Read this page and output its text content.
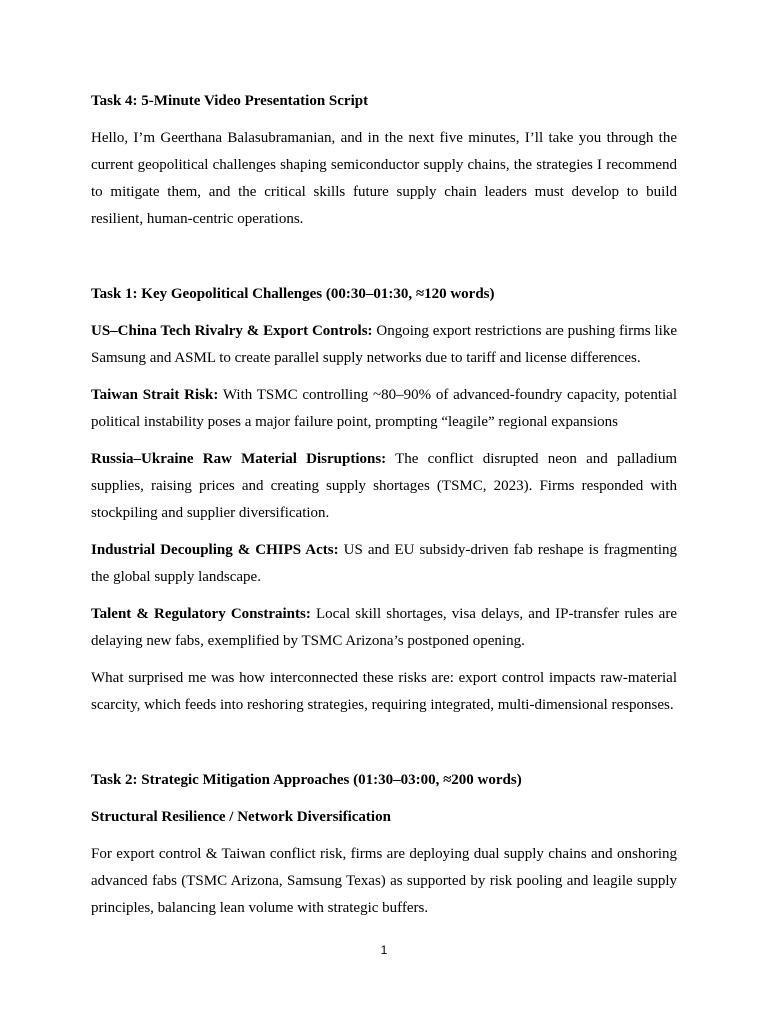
Task 4: 5-Minute Video Presentation Script

Hello, I’m Geerthana Balasubramanian, and in the next five minutes, I’ll take you through the current geopolitical challenges shaping semiconductor supply chains, the strategies I recommend to mitigate them, and the critical skills future supply chain leaders must develop to build resilient, human-centric operations.

Task 1: Key Geopolitical Challenges (00:30–01:30, ≈120 words)

US–China Tech Rivalry & Export Controls: Ongoing export restrictions are pushing firms like Samsung and ASML to create parallel supply networks due to tariff and license differences.

Taiwan Strait Risk: With TSMC controlling ~80–90% of advanced-foundry capacity, potential political instability poses a major failure point, prompting “leagile” regional expansions

Russia–Ukraine Raw Material Disruptions: The conflict disrupted neon and palladium supplies, raising prices and creating supply shortages (TSMC, 2023). Firms responded with stockpiling and supplier diversification.

Industrial Decoupling & CHIPS Acts: US and EU subsidy-driven fab reshape is fragmenting the global supply landscape.

Talent & Regulatory Constraints: Local skill shortages, visa delays, and IP-transfer rules are delaying new fabs, exemplified by TSMC Arizona’s postponed opening.

What surprised me was how interconnected these risks are: export control impacts raw-material scarcity, which feeds into reshoring strategies, requiring integrated, multi-dimensional responses.

Task 2: Strategic Mitigation Approaches (01:30–03:00, ≈200 words)

Structural Resilience / Network Diversification

For export control & Taiwan conflict risk, firms are deploying dual supply chains and onshoring advanced fabs (TSMC Arizona, Samsung Texas) as supported by risk pooling and leagile supply principles, balancing lean volume with strategic buffers.

1
